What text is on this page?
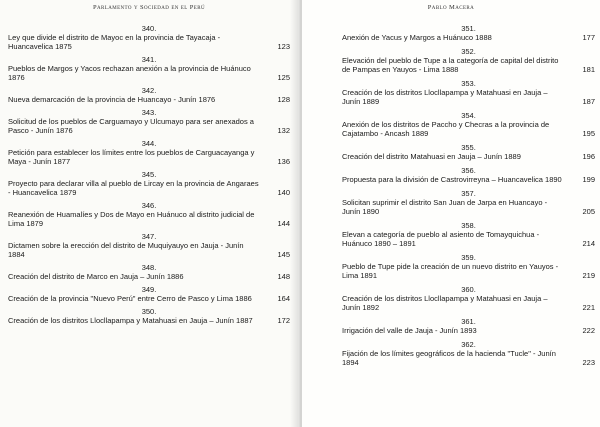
Parlamento y Sociedad en el Perú
340.
Ley que divide el distrito de Mayoc en la provincia de Tayacaja - Huancavelica 1875	123
341.
Pueblos de Margos y Yacos rechazan anexión a la provincia de Huánuco 1876	125
342.
Nueva demarcación de la provincia de Huancayo - Junín 1876	128
343.
Solicitud de los pueblos de Carguamayo y Ulcumayo para ser anexados a Pasco - Junín 1876	132
344.
Petición para establecer los límites entre los pueblos de Carguacayanga y Maya - Junín 1877	136
345.
Proyecto para declarar villa al pueblo de Lircay en la provincia de Angaraes - Huancavelica 1879	140
346.
Reanexión de Huamalíes y Dos de Mayo en Huánuco al distrito judicial de Lima 1879	144
347.
Dictamen sobre la erección del distrito de Muquiyauyo en Jauja - Junín 1884	145
348.
Creación del distrito de Marco en Jauja – Junín 1886	148
349.
Creación de la provincia "Nuevo Perú" entre Cerro de Pasco y Lima 1886	164
350.
Creación de los distritos Llocllapampa y Matahuasi en Jauja – Junín 1887	172
Pablo Macera
351.
Anexión de Yacus y Margos a Huánuco 1888	177
352.
Elevación del pueblo de Tupe a la categoría de capital del distrito de Pampas en Yauyos - Lima 1888	181
353.
Creación de los distritos Llocllapampa y Matahuasi en Jauja – Junín 1889	187
354.
Anexión de los distritos de Paccho y Checras a la provincia de Cajatambo - Ancash 1889	195
355.
Creación del distrito Matahuasi en Jauja – Junín 1889	196
356.
Propuesta para la división de Castrovirreyna – Huancavelica 1890	199
357.
Solicitan suprimir el distrito San Juan de Jarpa en Huancayo - Junín 1890	205
358.
Elevan a categoría de pueblo al asiento de Tomayquichua - Huánuco 1890 – 1891	214
359.
Pueblo de Tupe pide la creación de un nuevo distrito en Yauyos - Lima 1891	219
360.
Creación de los distritos Llocllapampa y Matahuasi en Jauja – Junín 1892	221
361.
Irrigación del valle de Jauja - Junín 1893	222
362.
Fijación de los límites geográficos de la hacienda "Tucle" - Junín 1894	223
